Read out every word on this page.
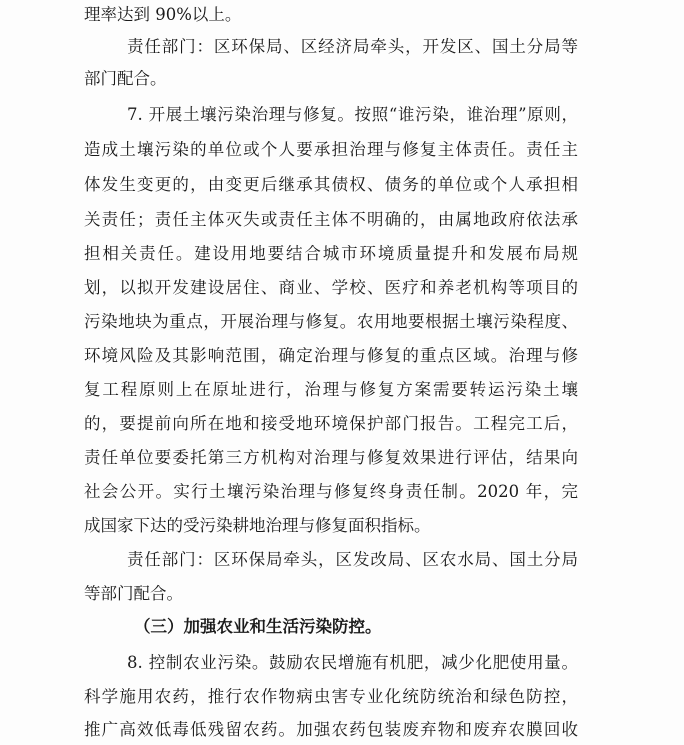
理率达到 90%以上。
责任部门：区环保局、区经济局牵头，开发区、国土分局等
部门配合。
7. 开展土壤污染治理与修复。按照“谁污染，谁治理”原则，
造成土壤污染的单位或个人要承担治理与修复主体责任。责任主
体发生变更的，由变更后继承其债权、债务的单位或个人承担相
关责任；责任主体灭失或责任主体不明确的，由属地政府依法承
担相关责任。建设用地要结合城市环境质量提升和发展布局规
划，以拟开发建设居住、商业、学校、医疗和养老机构等项目的
污染地块为重点，开展治理与修复。农用地要根据土壤污染程度、
环境风险及其影响范围，确定治理与修复的重点区域。治理与修
复工程原则上在原址进行，治理与修复方案需要转运污染土壤
的，要提前向所在地和接受地环境保护部门报告。工程完工后，
责任单位要委托第三方机构对治理与修复效果进行评估，结果向
社会公开。实行土壤污染治理与修复终身责任制。2020 年，完
成国家下达的受污染耕地治理与修复面积指标。
责任部门：区环保局牵头，区发改局、区农水局、国土分局
等部门配合。
（三）加强农业和生活污染防控。
8. 控制农业污染。鼓励农民增施有机肥，减少化肥使用量。
科学施用农药，推行农作物病虫害专业化统防统治和绿色防控，
推广高效低毒低残留农药。加强农药包装废弃物和废弃农膜回收
